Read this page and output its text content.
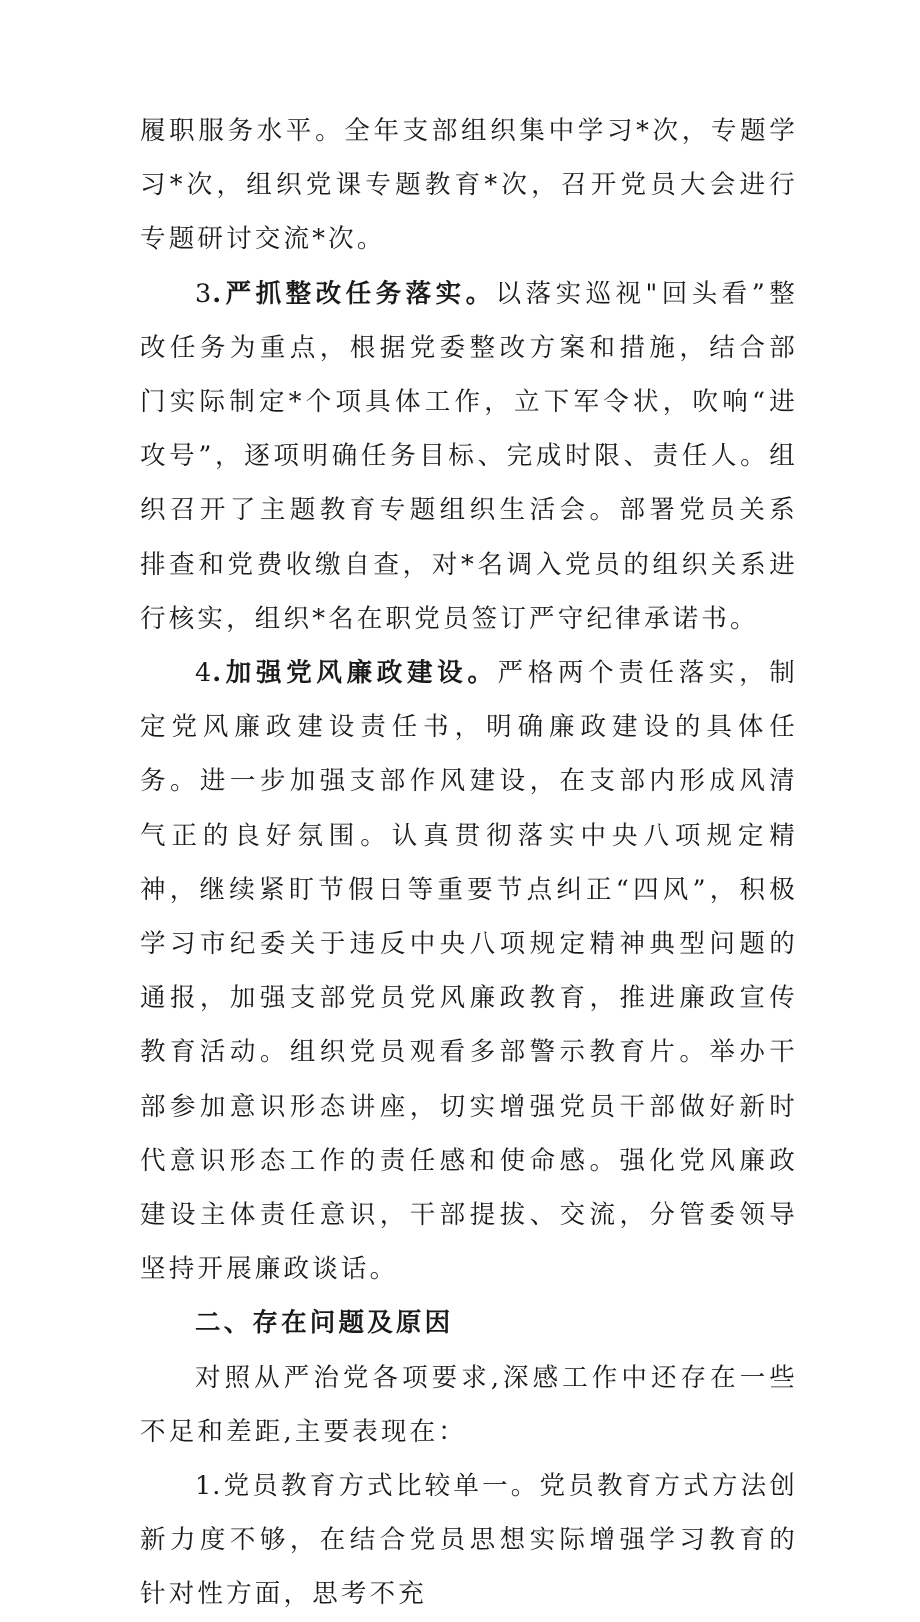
履职服务水平。全年支部组织集中学习*次，专题学习*次，组织党课专题教育*次，召开党员大会进行专题研讨交流*次。

3.严抓整改任务落实。以落实巡视"回头看”整改任务为重点，根据党委整改方案和措施，结合部门实际制定*个项具体工作，立下军令状，吹响“进攻号”，逐项明确任务目标、完成时限、责任人。组织召开了主题教育专题组织生活会。部署党员关系排查和党费收缴自查，对*名调入党员的组织关系进行核实，组织*名在职党员签订严守纪律承诺书。

4.加强党风廉政建设。严格两个责任落实，制定党风廉政建设责任书，明确廉政建设的具体任务。进一步加强支部作风建设，在支部内形成风清气正的良好氛围。认真贯彻落实中央八项规定精神，继续紧盯节假日等重要节点纠正“四风”，积极学习市纪委关于违反中央八项规定精神典型问题的通报，加强支部党员党风廉政教育，推进廉政宣传教育活动。组织党员观看多部警示教育片。举办干部参加意识形态讲座，切实增强党员干部做好新时代意识形态工作的责任感和使命感。强化党风廉政建设主体责任意识，干部提拔、交流，分管委领导坚持开展廉政谈话。

二、存在问题及原因

对照从严治党各项要求,深感工作中还存在一些不足和差距,主要表现在：

1.党员教育方式比较单一。党员教育方式方法创新力度不够，在结合党员思想实际增强学习教育的针对性方面，思考不充
